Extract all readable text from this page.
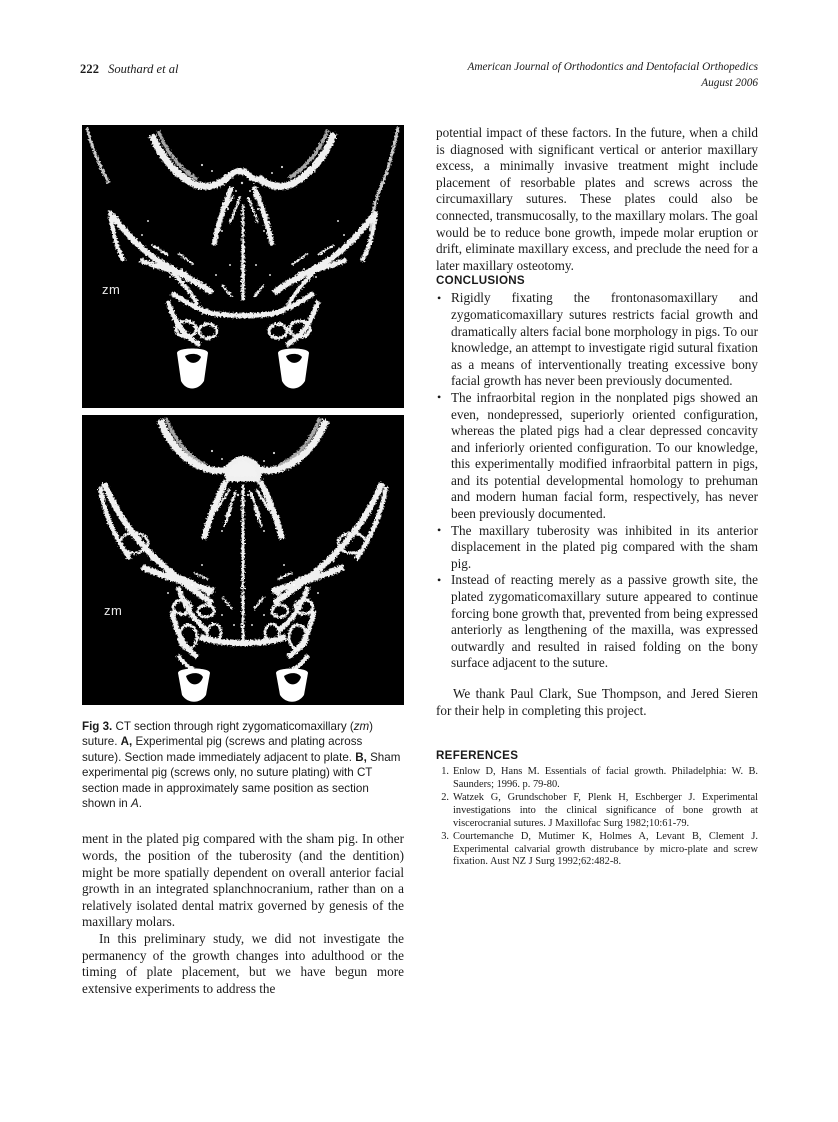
222 Southard et al	American Journal of Orthodontics and Dentofacial Orthopedics
August 2006
zm
zm
Fig 3. CT section through right zygomaticomaxillary (zm) suture. A, Experimental pig (screws and plating across suture). Section made immediately adjacent to plate. B, Sham experimental pig (screws only, no suture plating) with CT section made in approximately same position as section shown in A.

ment in the plated pig compared with the sham pig. In other words, the position of the tuberosity (and the dentition) might be more spatially dependent on overall anterior facial growth in an integrated splanchnocranium, rather than on a relatively isolated dental matrix governed by genesis of the maxillary molars.

In this preliminary study, we did not investigate the permanency of the growth changes into adulthood or the timing of plate placement, but we have begun more extensive experiments to address the

potential impact of these factors. In the future, when a child is diagnosed with significant vertical or anterior maxillary excess, a minimally invasive treatment might include placement of resorbable plates and screws across the circumaxillary sutures. These plates could also be connected, transmucosally, to the maxillary molars. The goal would be to reduce bone growth, impede molar eruption or drift, eliminate maxillary excess, and preclude the need for a later maxillary osteotomy.

CONCLUSIONS
• Rigidly fixating the frontonasomaxillary and zygomaticomaxillary sutures restricts facial growth and dramatically alters facial bone morphology in pigs. To our knowledge, an attempt to investigate rigid sutural fixation as a means of interventionally treating excessive bony facial growth has never been previously documented.
• The infraorbital region in the nonplated pigs showed an even, nondepressed, superiorly oriented configuration, whereas the plated pigs had a clear depressed concavity and inferiorly oriented configuration. To our knowledge, this experimentally modified infraorbital pattern in pigs, and its potential developmental homology to prehuman and modern human facial form, respectively, has never been previously documented.
• The maxillary tuberosity was inhibited in its anterior displacement in the plated pig compared with the sham pig.
• Instead of reacting merely as a passive growth site, the plated zygomaticomaxillary suture appeared to continue forcing bone growth that, prevented from being expressed anteriorly as lengthening of the maxilla, was expressed outwardly and resulted in raised folding on the bony surface adjacent to the suture.

We thank Paul Clark, Sue Thompson, and Jered Sieren for their help in completing this project.

REFERENCES
Enlow D, Hans M. Essentials of facial growth. Philadelphia: W. B. Saunders; 1996. p. 79-80.
Watzek G, Grundschober F, Plenk H, Eschberger J. Experimental investigations into the clinical significance of bone growth at viscerocranial sutures. J Maxillofac Surg 1982;10:61-79.
Courtemanche D, Mutimer K, Holmes A, Levant B, Clement J. Experimental calvarial growth distrubance by micro-plate and screw fixation. Aust NZ J Surg 1992;62:482-8.
